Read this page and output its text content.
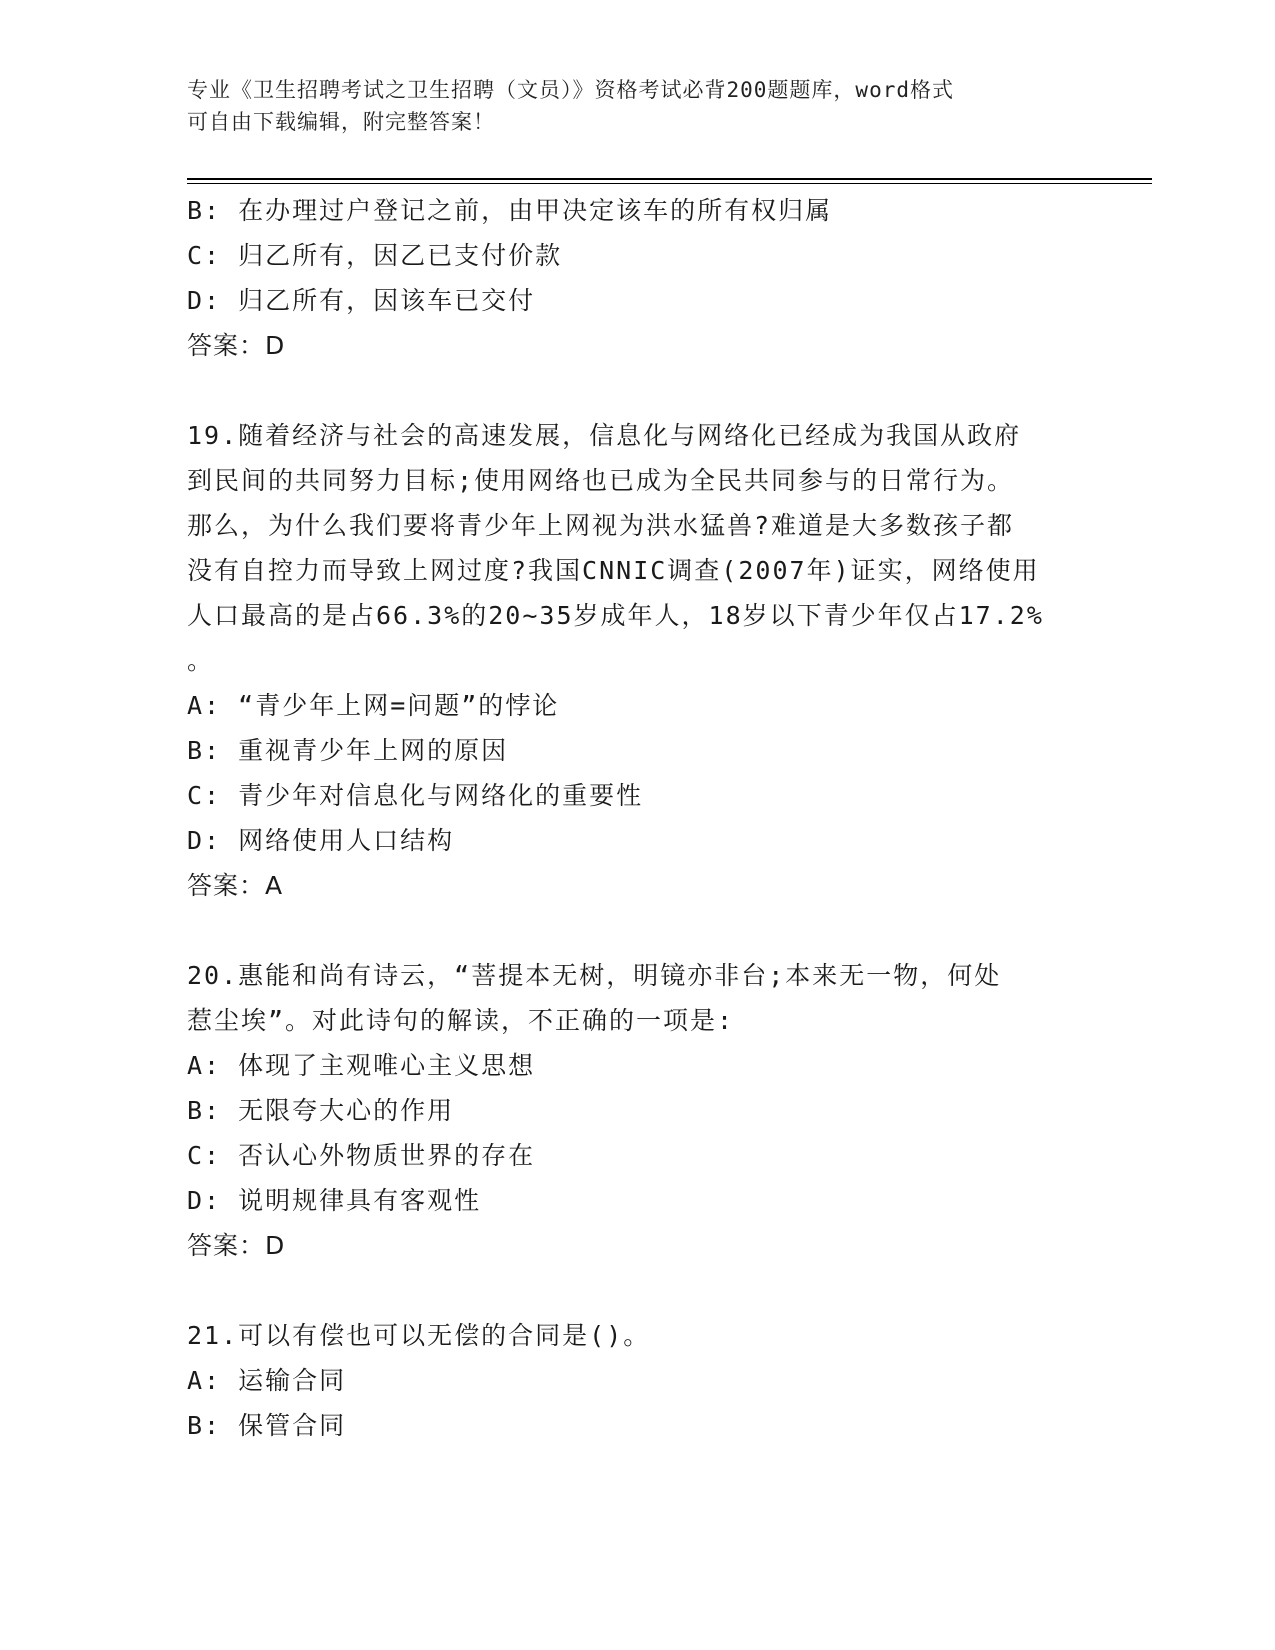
专业《卫生招聘考试之卫生招聘（文员）》资格考试必背200题题库，word格式
可自由下载编辑，附完整答案！
B: 在办理过户登记之前，由甲决定该车的所有权归属
C: 归乙所有，因乙已支付价款
D: 归乙所有，因该车已交付
答案：D
19.随着经济与社会的高速发展，信息化与网络化已经成为我国从政府
到民间的共同努力目标;使用网络也已成为全民共同参与的日常行为。
那么，为什么我们要将青少年上网视为洪水猛兽?难道是大多数孩子都
没有自控力而导致上网过度?我国CNNIC调查(2007年)证实，网络使用
人口最高的是占66.3%的20~35岁成年人，18岁以下青少年仅占17.2%
。
A: “青少年上网=问题”的悖论
B: 重视青少年上网的原因
C: 青少年对信息化与网络化的重要性
D: 网络使用人口结构
答案：A
20.惠能和尚有诗云，“菩提本无树，明镜亦非台;本来无一物，何处
惹尘埃”。对此诗句的解读，不正确的一项是:
A: 体现了主观唯心主义思想
B: 无限夸大心的作用
C: 否认心外物质世界的存在
D: 说明规律具有客观性
答案：D
21.可以有偿也可以无偿的合同是()。
A: 运输合同
B: 保管合同
